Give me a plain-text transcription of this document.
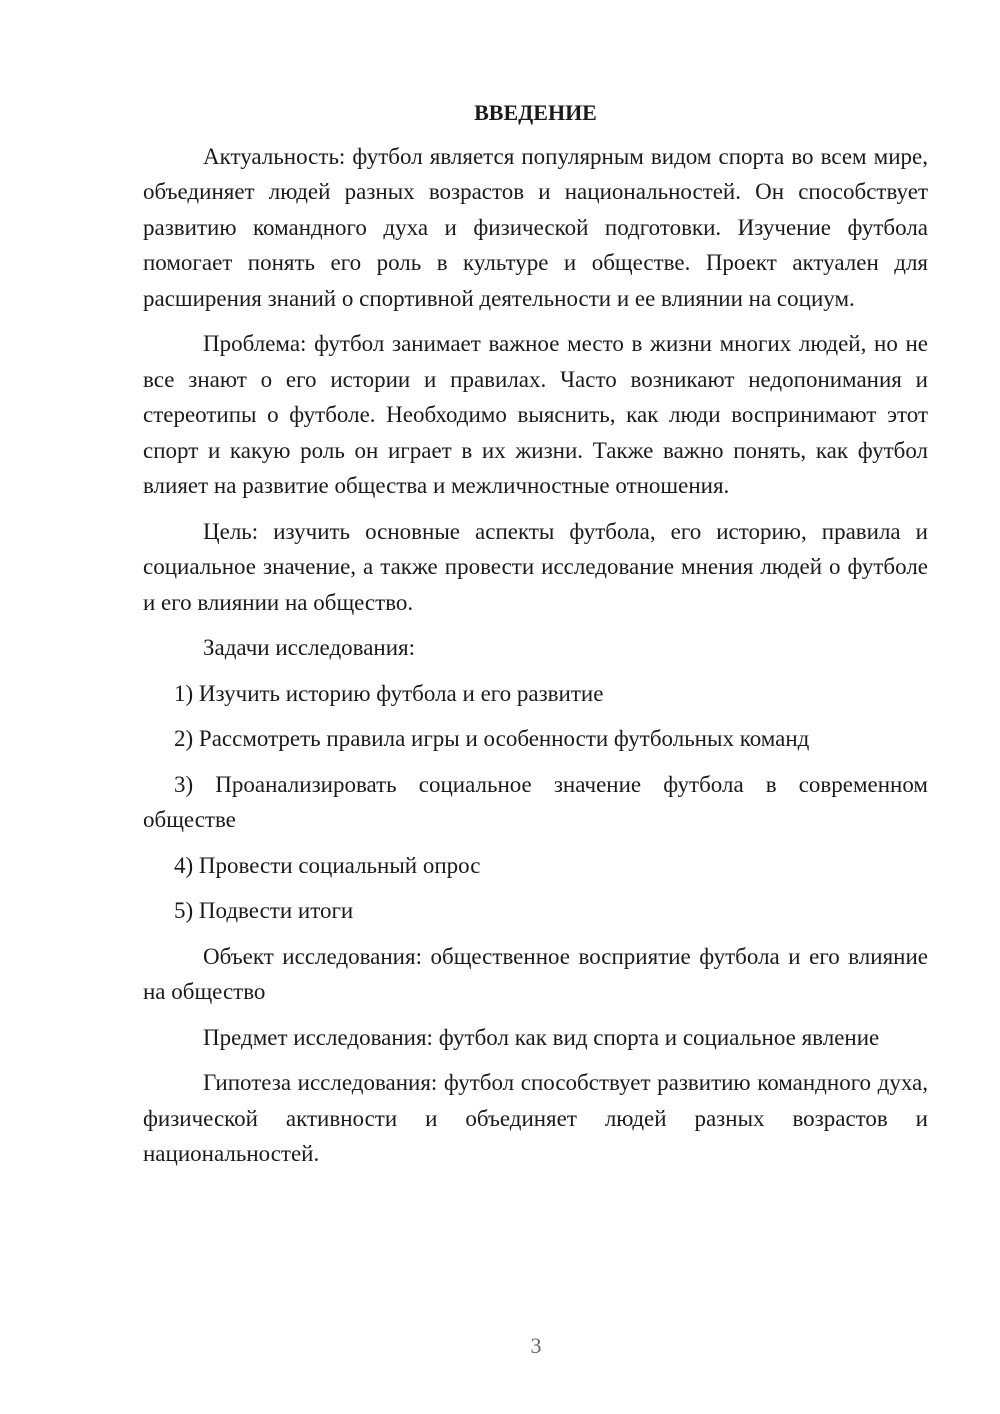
ВВЕДЕНИЕ

Актуальность: футбол является популярным видом спорта во всем мире, объединяет людей разных возрастов и национальностей. Он способствует развитию командного духа и физической подготовки. Изучение футбола помогает понять его роль в культуре и обществе. Проект актуален для расширения знаний о спортивной деятельности и ее влиянии на социум.

Проблема: футбол занимает важное место в жизни многих людей, но не все знают о его истории и правилах. Часто возникают недопонимания и стереотипы о футболе. Необходимо выяснить, как люди воспринимают этот спорт и какую роль он играет в их жизни. Также важно понять, как футбол влияет на развитие общества и межличностные отношения.

Цель: изучить основные аспекты футбола, его историю, правила и социальное значение, а также провести исследование мнения людей о футболе и его влиянии на общество.

Задачи исследования:

1) Изучить историю футбола и его развитие

2) Рассмотреть правила игры и особенности футбольных команд

3) Проанализировать социальное значение футбола в современном обществе

4) Провести социальный опрос

5) Подвести итоги

Объект исследования: общественное восприятие футбола и его влияние на общество

Предмет исследования: футбол как вид спорта и социальное явление

Гипотеза исследования: футбол способствует развитию командного духа, физической активности и объединяет людей разных возрастов и национальностей.

3
